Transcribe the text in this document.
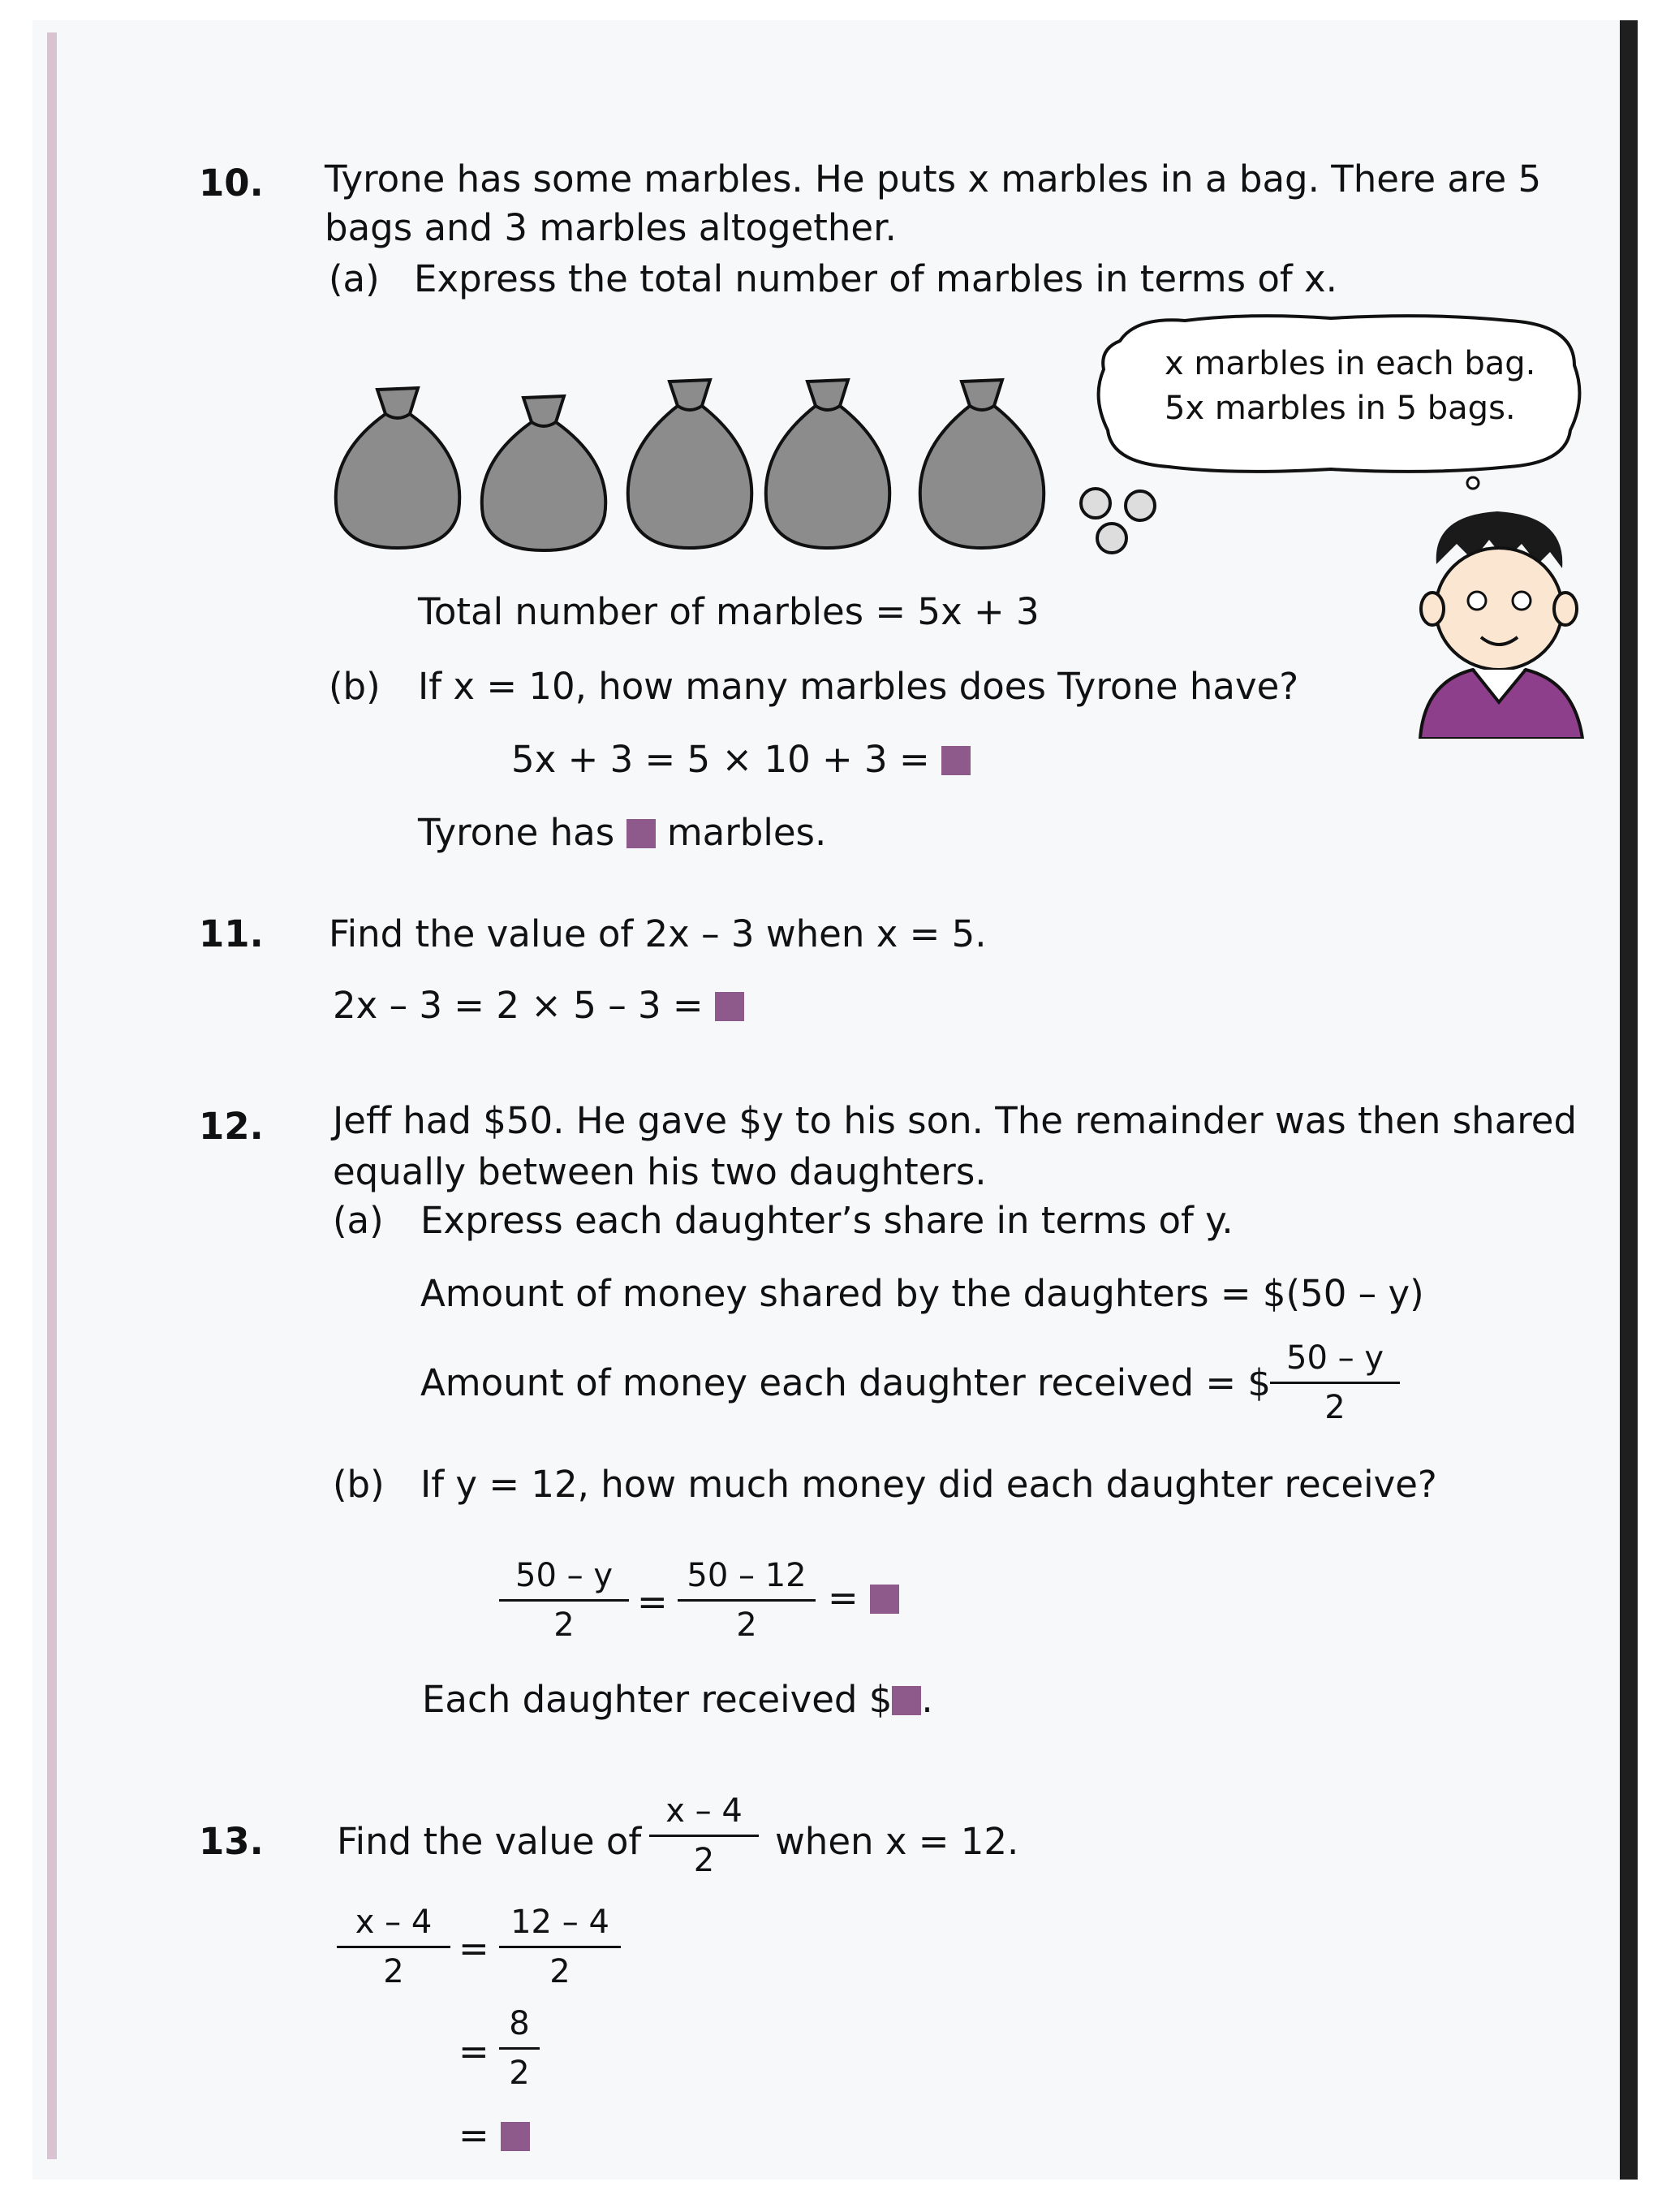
10. Tyrone has some marbles. He puts x marbles in a bag. There are 5
bags and 3 marbles altogether.
(a) Express the total number of marbles in terms of x.
x marbles in each bag.
5x marbles in 5 bags.
Total number of marbles = 5x + 3
(b) If x = 10, how many marbles does Tyrone have?
5x + 3 = 5 × 10 + 3 =
Tyrone has marbles.
11. Find the value of 2x – 3 when x = 5.
2x – 3 = 2 × 5 – 3 =
12. Jeff had $50. He gave $y to his son. The remainder was then shared
equally between his two daughters.
(a) Express each daughter’s share in terms of y.
Amount of money shared by the daughters = $(50 – y)
Amount of money each daughter received = $
50 – y
2
(b) If y = 12, how much money did each daughter receive?
50 – y
2
=
50 – 12
2
=
Each daughter received $ .
13. Find the value of
x – 4
2	when x = 12.
x – 4
2
=
12 – 4
2
=
8
2
=
